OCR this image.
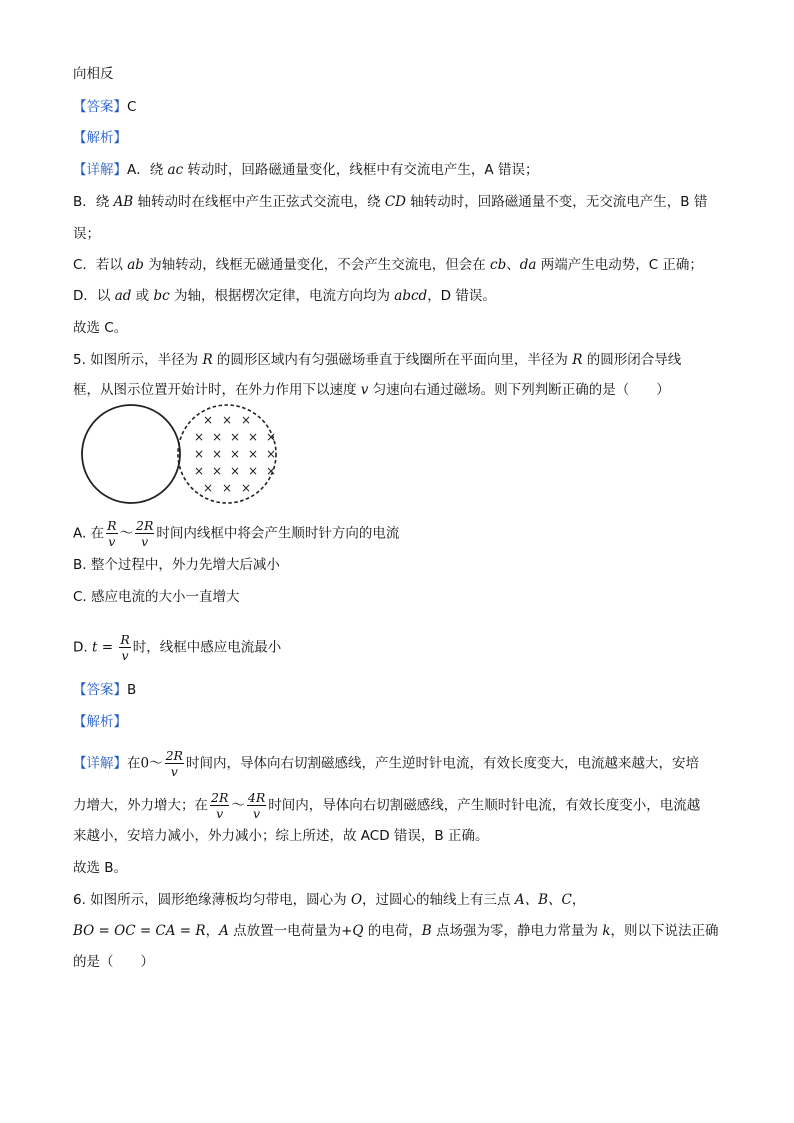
向相反
【答案】C
【解析】
【详解】A．绕 ac 转动时，回路磁通量变化，线框中有交流电产生，A 错误；
B．绕 AB 轴转动时在线框中产生正弦式交流电，绕 CD 轴转动时，回路磁通量不变，无交流电产生，B 错
误；
C．若以 ab 为轴转动，线框无磁通量变化，不会产生交流电，但会在 cb、da 两端产生电动势，C 正确；
D．以 ad 或 bc 为轴，根据楞次定律，电流方向均为 abcd，D 错误。
故选 C。
5. 如图所示，半径为 R 的圆形区域内有匀强磁场垂直于线圈所在平面向里，半径为 R 的圆形闭合导线
框，从图示位置开始计时，在外力作用下以速度 v 匀速向右通过磁场。则下列判断正确的是（　　）
× × ×
× × × × ×
× × × × ×
× × × × ×
× × ×
A. 在 $\frac{R}{v}$ ～ $\frac{2R}{v}$ 时间内线框中将会产生顺时针方向的电流
B. 整个过程中，外力先增大后减小
C. 感应电流的大小一直增大
D. $t = \frac{R}{v}$ 时，线框中感应电流最小
【答案】B
【解析】
【详解】在0～ $\frac{2R}{v}$ 时间内，导体向右切割磁感线，产生逆时针电流，有效长度变大，电流越来越大，安培
力增大，外力增大；在 $\frac{2R}{v}$ ～ $\frac{4R}{v}$ 时间内，导体向右切割磁感线，产生顺时针电流，有效长度变小，电流越
来越小，安培力减小，外力减小；综上所述，故 ACD 错误，B 正确。
故选 B。
6. 如图所示，圆形绝缘薄板均匀带电，圆心为 O，过圆心的轴线上有三点 A、B、C，
BO = OC = CA = R，A 点放置一电荷量为+Q 的电荷，B 点场强为零，静电力常量为 k，则以下说法正确
的是（　　）
